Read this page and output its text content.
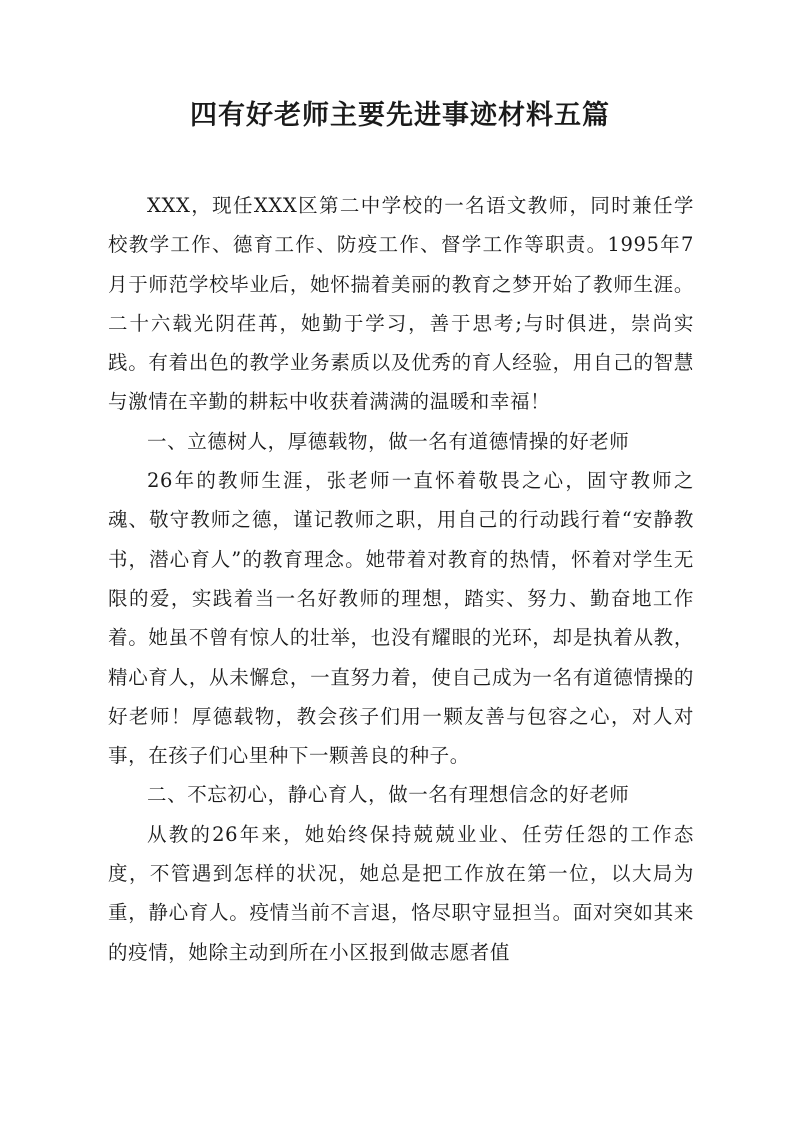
四有好老师主要先进事迹材料五篇

XXX，现任XXX区第二中学校的一名语文教师，同时兼任学校教学工作、德育工作、防疫工作、督学工作等职责。1995年7月于师范学校毕业后，她怀揣着美丽的教育之梦开始了教师生涯。二十六载光阴荏苒，她勤于学习，善于思考;与时俱进，崇尚实践。有着出色的教学业务素质以及优秀的育人经验，用自己的智慧与激情在辛勤的耕耘中收获着满满的温暖和幸福！

一、立德树人，厚德载物，做一名有道德情操的好老师

26年的教师生涯，张老师一直怀着敬畏之心，固守教师之魂、敬守教师之德，谨记教师之职，用自己的行动践行着“安静教书，潜心育人”的教育理念。她带着对教育的热情，怀着对学生无限的爱，实践着当一名好教师的理想，踏实、努力、勤奋地工作着。她虽不曾有惊人的壮举，也没有耀眼的光环，却是执着从教，精心育人，从未懈怠，一直努力着，使自己成为一名有道德情操的好老师！厚德载物，教会孩子们用一颗友善与包容之心，对人对事，在孩子们心里种下一颗善良的种子。

二、不忘初心，静心育人，做一名有理想信念的好老师

从教的26年来，她始终保持兢兢业业、任劳任怨的工作态度，不管遇到怎样的状况，她总是把工作放在第一位，以大局为重，静心育人。疫情当前不言退，恪尽职守显担当。面对突如其来的疫情，她除主动到所在小区报到做志愿者值
